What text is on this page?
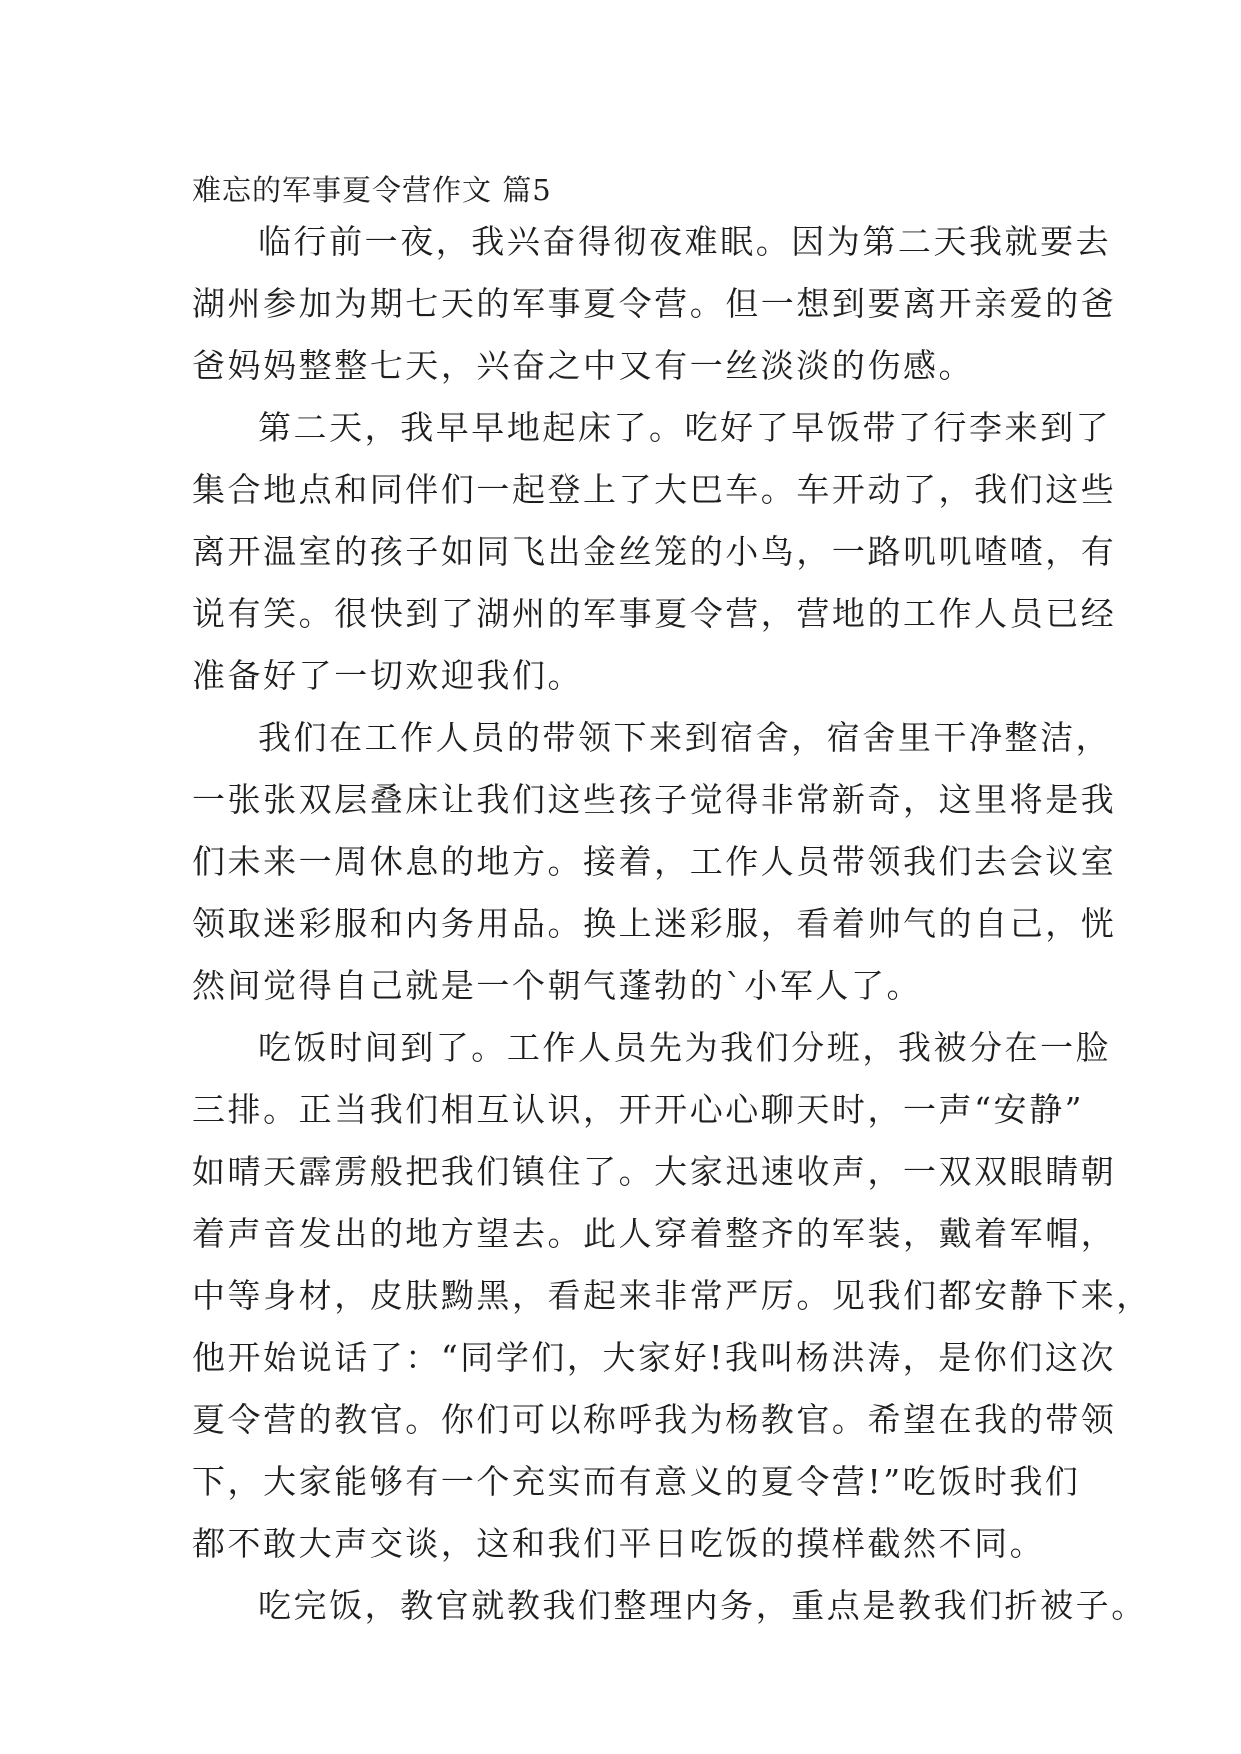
难忘的军事夏令营作文 篇5
临行前一夜，我兴奋得彻夜难眠。因为第二天我就要去
湖州参加为期七天的军事夏令营。但一想到要离开亲爱的爸
爸妈妈整整七天，兴奋之中又有一丝淡淡的伤感。
第二天，我早早地起床了。吃好了早饭带了行李来到了
集合地点和同伴们一起登上了大巴车。车开动了，我们这些
离开温室的孩子如同飞出金丝笼的小鸟，一路叽叽喳喳，有
说有笑。很快到了湖州的军事夏令营，营地的工作人员已经
准备好了一切欢迎我们。
我们在工作人员的带领下来到宿舍，宿舍里干净整洁，
一张张双层叠床让我们这些孩子觉得非常新奇，这里将是我
们未来一周休息的地方。接着，工作人员带领我们去会议室
领取迷彩服和内务用品。换上迷彩服，看着帅气的自己，恍
然间觉得自己就是一个朝气蓬勃的`小军人了。
吃饭时间到了。工作人员先为我们分班，我被分在一脸
三排。正当我们相互认识，开开心心聊天时，一声“安静”
如晴天霹雳般把我们镇住了。大家迅速收声，一双双眼睛朝
着声音发出的地方望去。此人穿着整齐的军装，戴着军帽，
中等身材，皮肤黝黑，看起来非常严厉。见我们都安静下来，
他开始说话了：“同学们，大家好!我叫杨洪涛，是你们这次
夏令营的教官。你们可以称呼我为杨教官。希望在我的带领
下，大家能够有一个充实而有意义的夏令营!”吃饭时我们
都不敢大声交谈，这和我们平日吃饭的摸样截然不同。
吃完饭，教官就教我们整理内务，重点是教我们折被子。
